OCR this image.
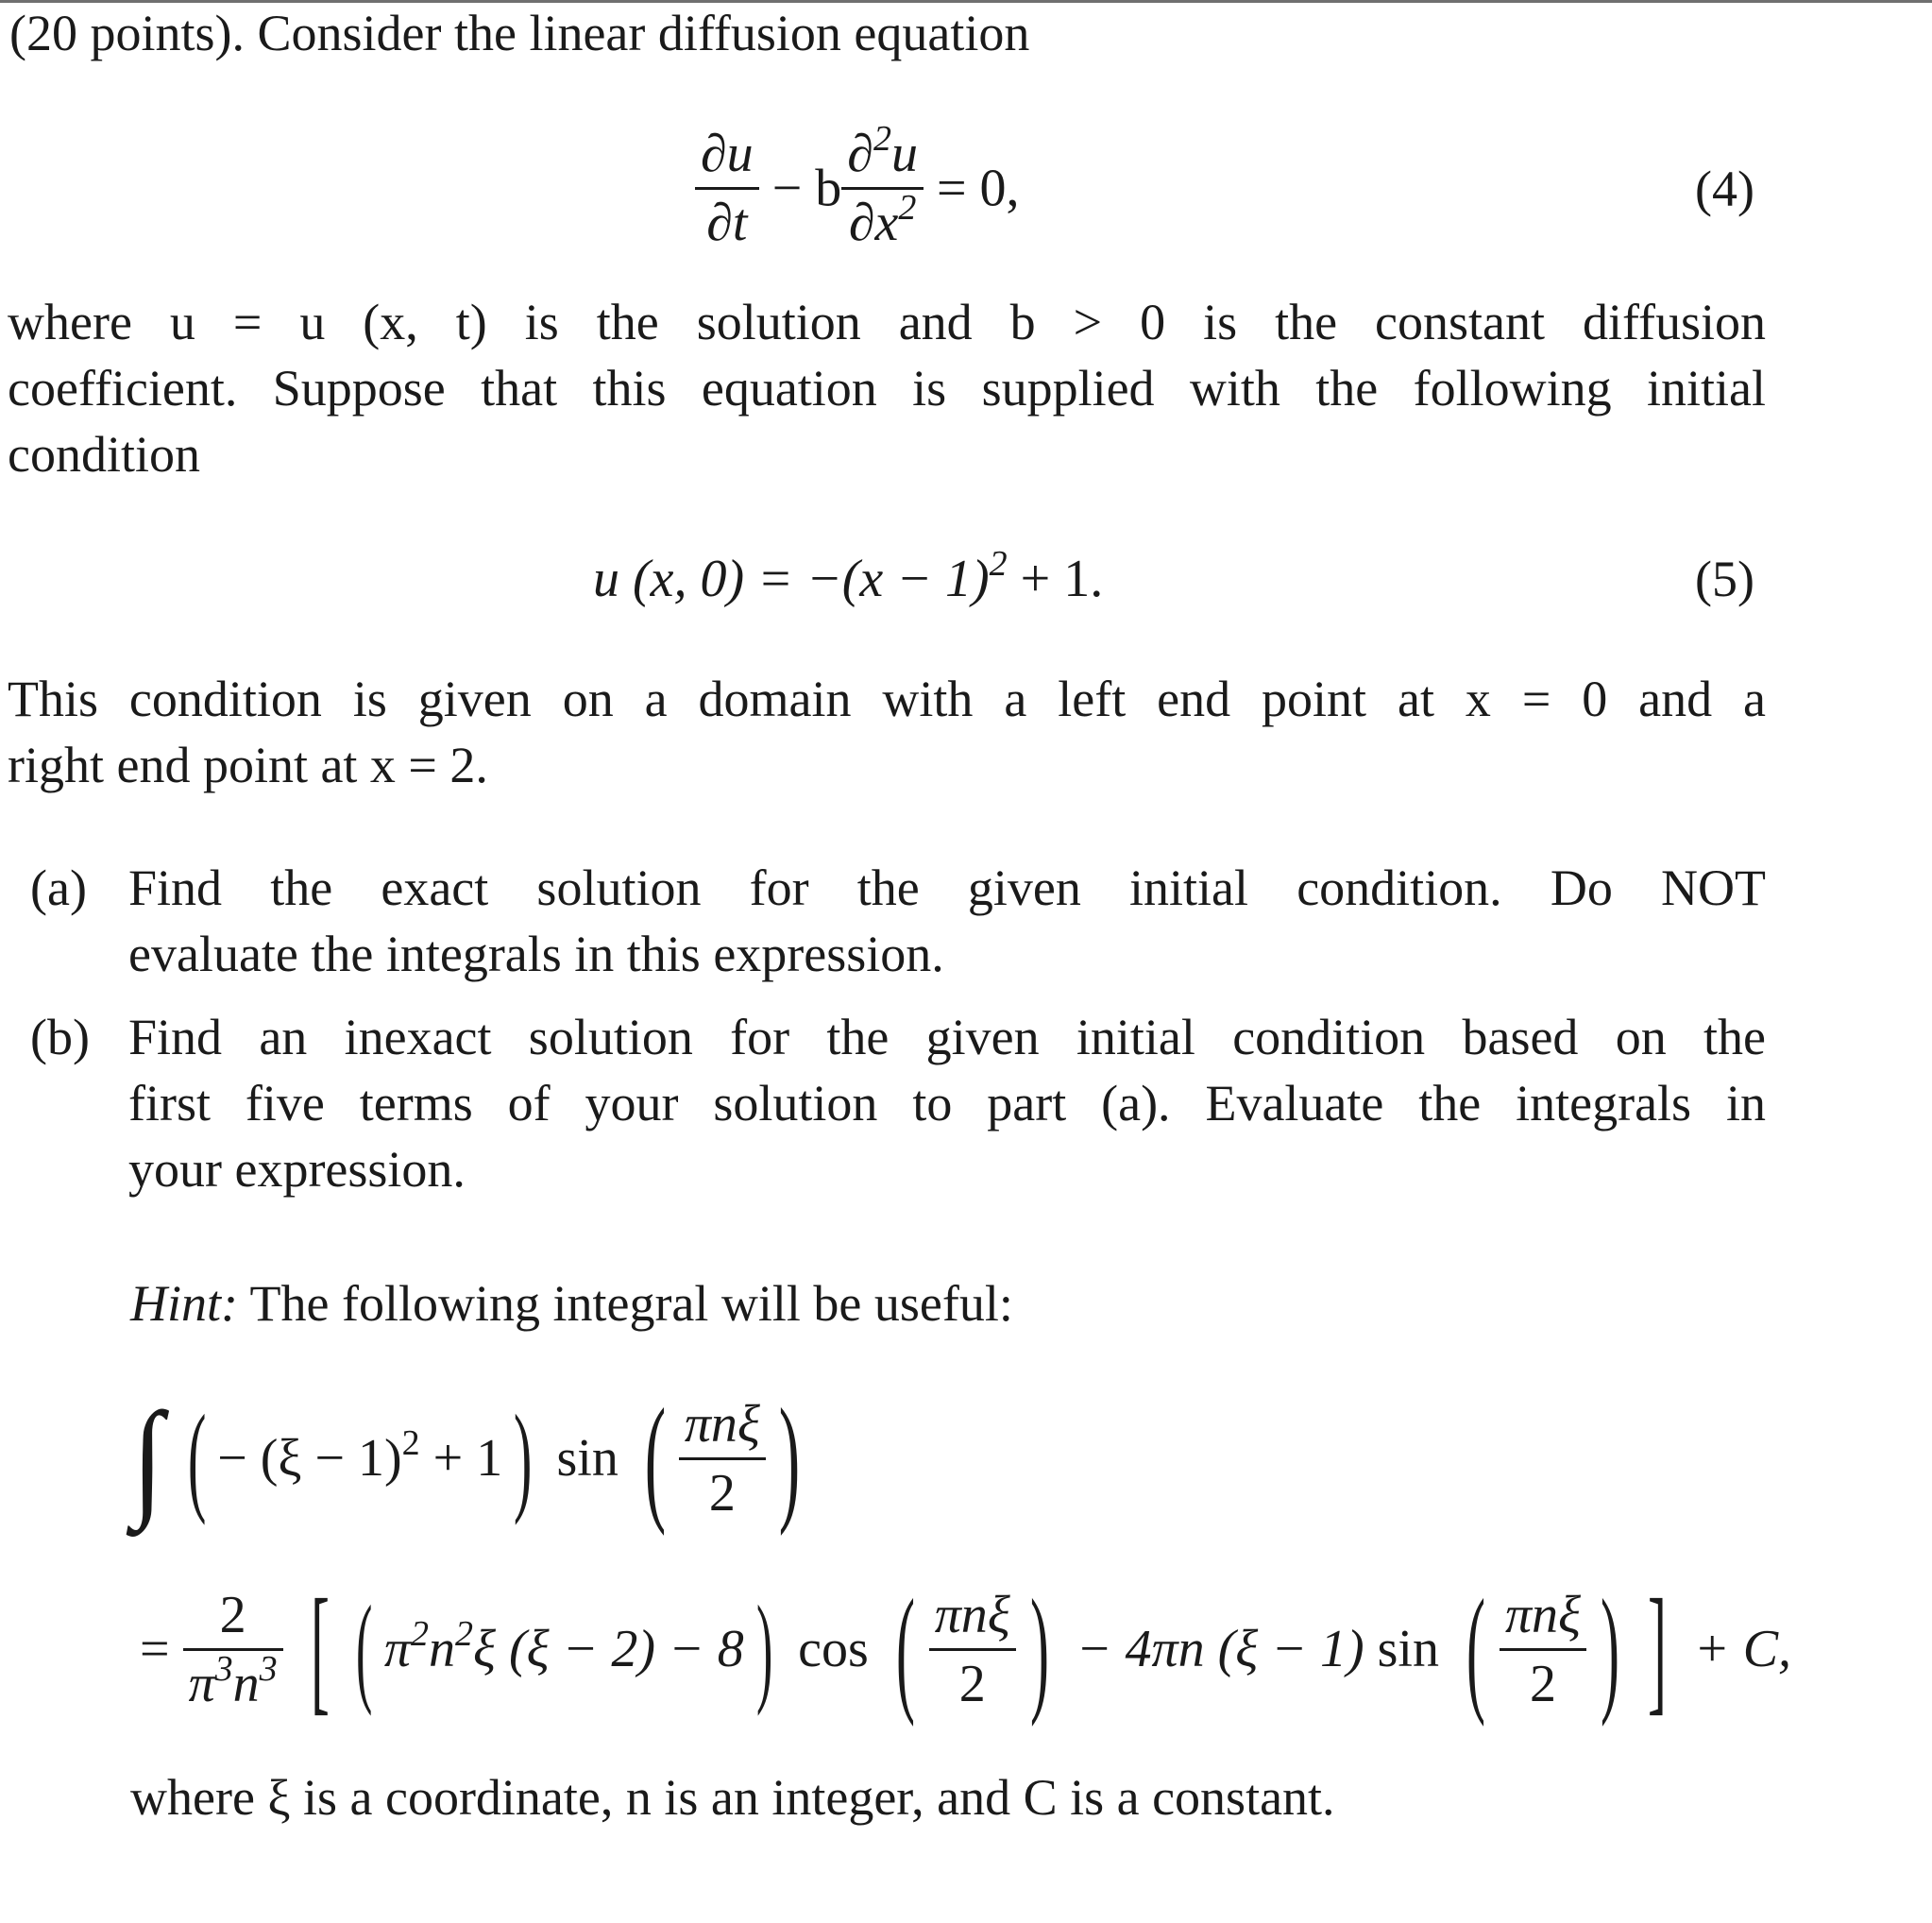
(20 points). Consider the linear diffusion equation
$\frac{\partial u}{\partial t} - b \frac{\partial^2u}{\partial x^2} = 0$,	(4)
where u = u (x, t) is the solution and b > 0 is the constant diffusion
coefficient. Suppose that this equation is supplied with the following initial
condition
u (x, $0) = -(x - 1)^2 + 1$.	(5)
This condition is given on a domain with a left end point at x = 0 and a
right end point at x = 2.
(a) Find the exact solution for the given initial condition. Do NOT
evaluate the integrals in this expression.
(b) Find an inexact solution for the given initial condition based on the
first five terms of your solution to part (a). Evaluate the integrals in
your expression.
Hint: The following integral will be useful:
∫ ( − $(\xi - 1)^2 + 1$) sin ( $\frac{\text{πnξ}}{2}$ )
= $\frac{2}{\pi^3n^3}$ [ ( $\pi^2n^2\xi$ (ξ − 2) − 8) cos ( $\frac{\text{πnξ}}{2}$ ) − 4πn (ξ − 1) sin ( $\frac{\text{πnξ}}{2}$ ) ] + C,
where ξ is a coordinate, n is an integer, and C is a constant.
